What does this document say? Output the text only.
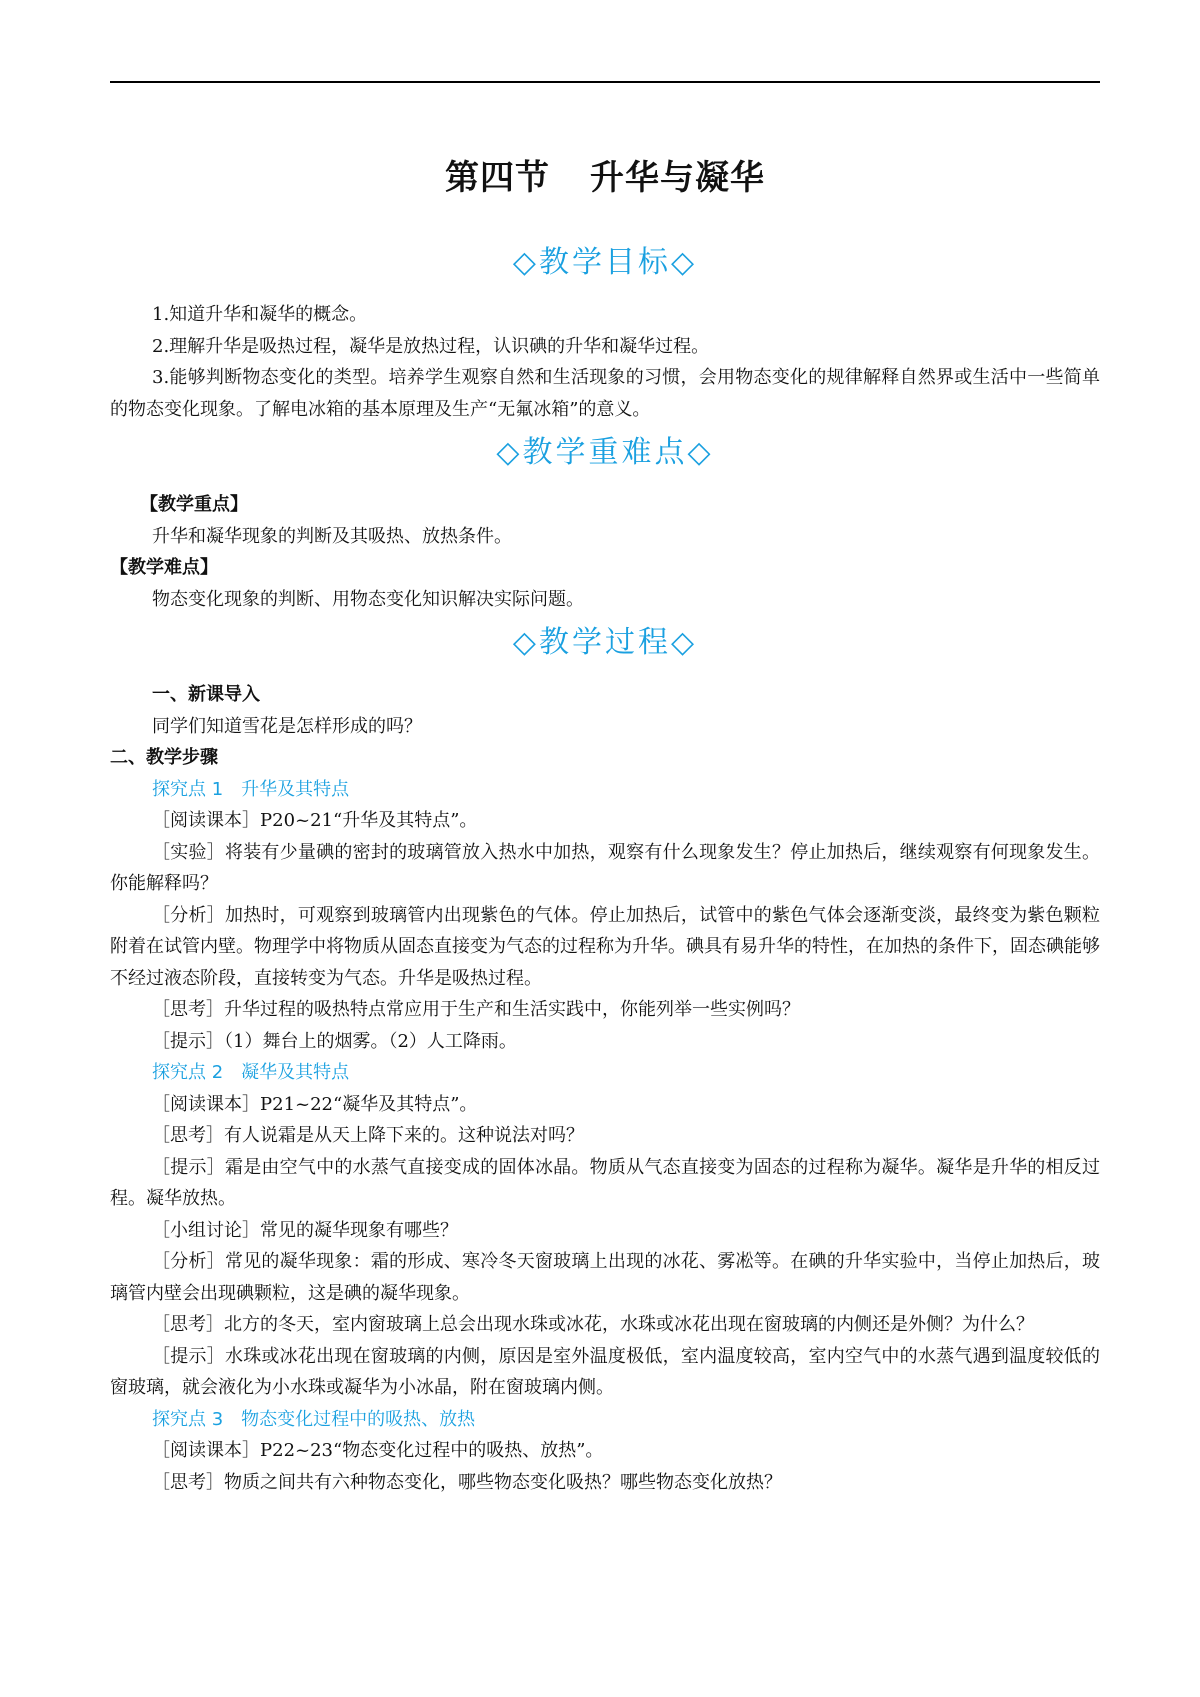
第四节 升华与凝华
◇教学目标◇

1.知道升华和凝华的概念。

2.理解升华是吸热过程，凝华是放热过程，认识碘的升华和凝华过程。

3.能够判断物态变化的类型。培养学生观察自然和生活现象的习惯，会用物态变化的规律解释自然界或生活中一些简单的物态变化现象。了解电冰箱的基本原理及生产“无氟冰箱”的意义。

◇教学重难点◇

【教学重点】

升华和凝华现象的判断及其吸热、放热条件。

【教学难点】

物态变化现象的判断、用物态变化知识解决实际问题。

◇教学过程◇

一、新课导入

同学们知道雪花是怎样形成的吗？

二、教学步骤

探究点 1　升华及其特点

［阅读课本］P20~21“升华及其特点”。

［实验］将装有少量碘的密封的玻璃管放入热水中加热，观察有什么现象发生？停止加热后，继续观察有何现象发生。你能解释吗？

［分析］加热时，可观察到玻璃管内出现紫色的气体。停止加热后，试管中的紫色气体会逐渐变淡，最终变为紫色颗粒附着在试管内壁。物理学中将物质从固态直接变为气态的过程称为升华。碘具有易升华的特性，在加热的条件下，固态碘能够不经过液态阶段，直接转变为气态。升华是吸热过程。

［思考］升华过程的吸热特点常应用于生产和生活实践中，你能列举一些实例吗？

［提示］（1）舞台上的烟雾。（2）人工降雨。

探究点 2　凝华及其特点

［阅读课本］P21~22“凝华及其特点”。

［思考］有人说霜是从天上降下来的。这种说法对吗？

［提示］霜是由空气中的水蒸气直接变成的固体冰晶。物质从气态直接变为固态的过程称为凝华。凝华是升华的相反过程。凝华放热。

［小组讨论］常见的凝华现象有哪些？

［分析］常见的凝华现象：霜的形成、寒冷冬天窗玻璃上出现的冰花、雾凇等。在碘的升华实验中，当停止加热后，玻璃管内壁会出现碘颗粒，这是碘的凝华现象。

［思考］北方的冬天，室内窗玻璃上总会出现水珠或冰花，水珠或冰花出现在窗玻璃的内侧还是外侧？为什么？

［提示］水珠或冰花出现在窗玻璃的内侧，原因是室外温度极低，室内温度较高，室内空气中的水蒸气遇到温度较低的窗玻璃，就会液化为小水珠或凝华为小冰晶，附在窗玻璃内侧。

探究点 3　物态变化过程中的吸热、放热

［阅读课本］P22~23“物态变化过程中的吸热、放热”。

［思考］物质之间共有六种物态变化，哪些物态变化吸热？哪些物态变化放热？
